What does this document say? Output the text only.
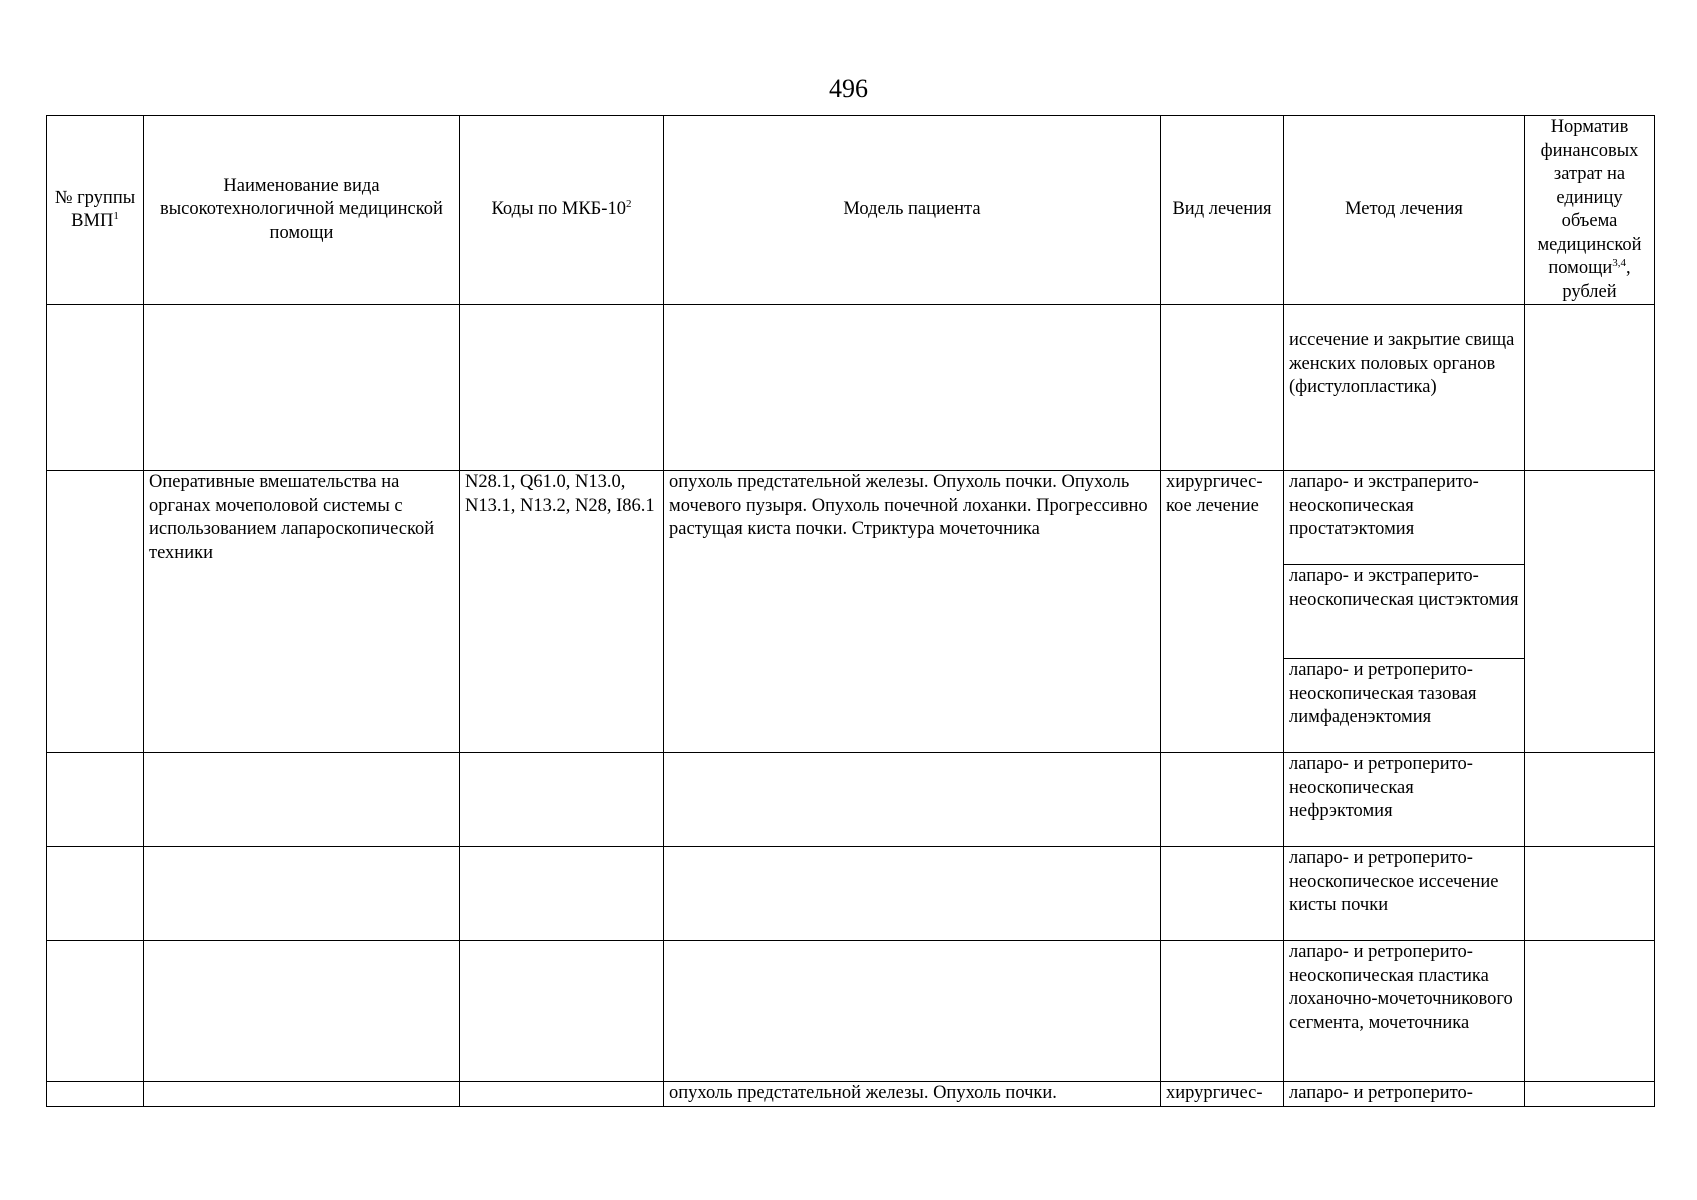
496
№ группы ВМП$^1$	Наименование вида высокотехнологичной медицинской помощи	Коды по МКБ-$10^2$	Модель пациента	Вид лечения	Метод лечения	Норматив финансовых затрат на единицу объема медицинской помощи$^{3,4}$, рублей
					иссечение и закрытие свища женских половых органов (фистулопластика)	
	Оперативные вмешательства на органах мочеполовой системы с использованием лапароскопической техники	N28.1, Q61.0, N13.0, N13.1, N13.2, N28, I86.1	опухоль предстательной железы. Опухоль почки. Опухоль мочевого пузыря. Опухоль почечной лоханки. Прогрессивно растущая киста почки. Стриктура мочеточника	хирургичес-кое лечение	лапаро- и экстраперито-неоскопическая простатэктомия	
					лапаро- и экстраперито-неоскопическая цистэктомия	
					лапаро- и ретроперито-неоскопическая тазовая лимфаденэктомия	
					лапаро- и ретроперито-неоскопическая нефрэктомия	
					лапаро- и ретроперито-неоскопическое иссечение кисты почки	
					лапаро- и ретроперито-неоскопическая пластика лоханочно-мочеточникового сегмента, мочеточника	
			опухоль предстательной железы. Опухоль почки.	хирургичес-	лапаро- и ретроперито-	
